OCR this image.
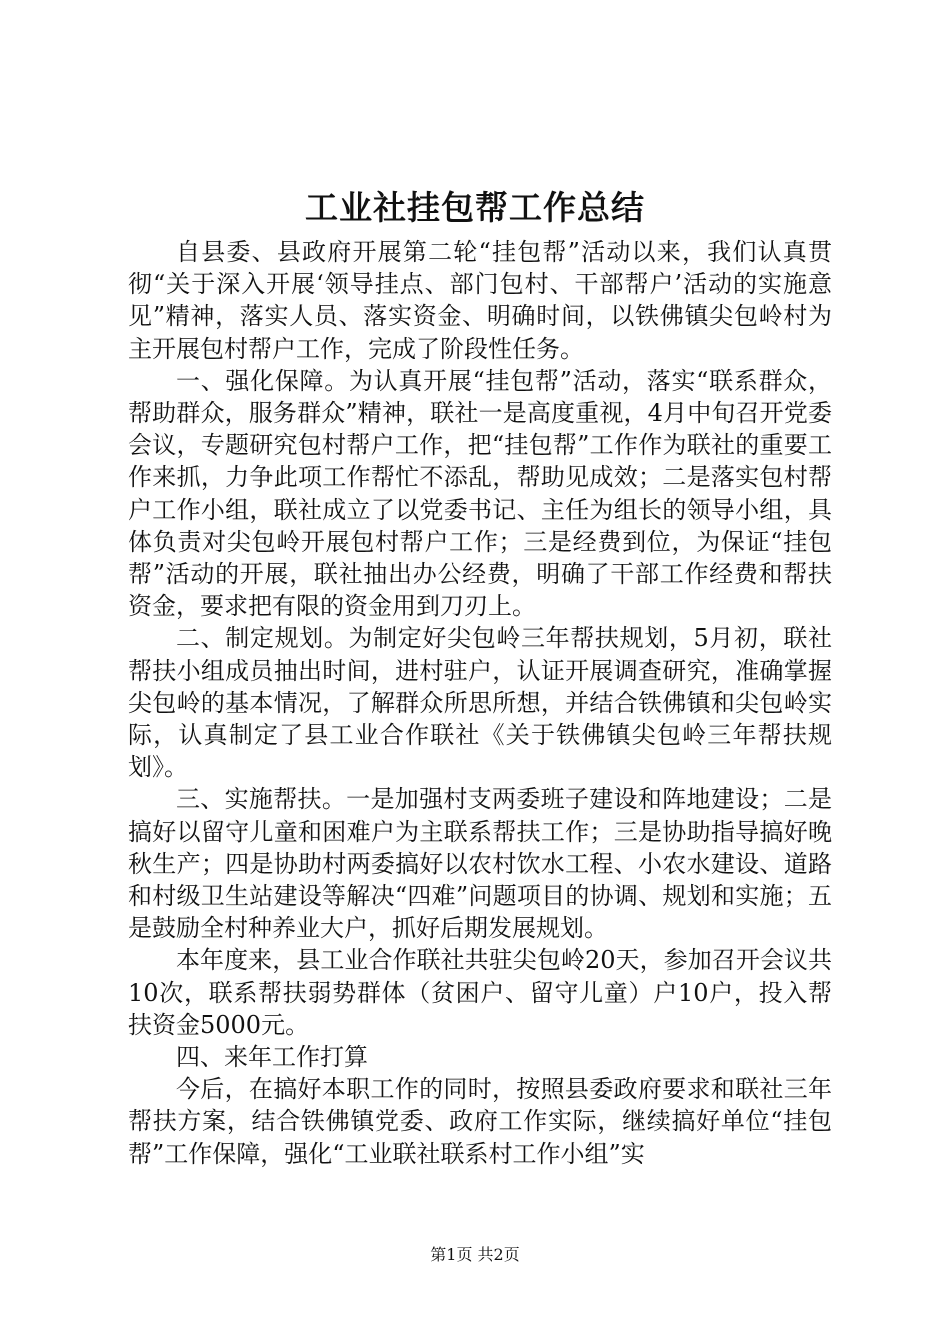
工业社挂包帮工作总结

自县委、县政府开展第二轮“挂包帮”活动以来，我们认真贯彻“关于深入开展‘领导挂点、部门包村、干部帮户’活动的实施意见”精神，落实人员、落实资金、明确时间，以铁佛镇尖包岭村为主开展包村帮户工作，完成了阶段性任务。

一、强化保障。为认真开展“挂包帮”活动，落实“联系群众，帮助群众，服务群众”精神，联社一是高度重视，4月中旬召开党委会议，专题研究包村帮户工作，把“挂包帮”工作作为联社的重要工作来抓，力争此项工作帮忙不添乱，帮助见成效；二是落实包村帮户工作小组，联社成立了以党委书记、主任为组长的领导小组，具体负责对尖包岭开展包村帮户工作；三是经费到位，为保证“挂包帮”活动的开展，联社抽出办公经费，明确了干部工作经费和帮扶资金，要求把有限的资金用到刀刃上。

二、制定规划。为制定好尖包岭三年帮扶规划，5月初，联社帮扶小组成员抽出时间，进村驻户，认证开展调查研究，准确掌握尖包岭的基本情况，了解群众所思所想，并结合铁佛镇和尖包岭实际，认真制定了县工业合作联社《关于铁佛镇尖包岭三年帮扶规划》。

三、实施帮扶。一是加强村支两委班子建设和阵地建设；二是搞好以留守儿童和困难户为主联系帮扶工作；三是协助指导搞好晚秋生产；四是协助村两委搞好以农村饮水工程、小农水建设、道路和村级卫生站建设等解决“四难”问题项目的协调、规划和实施；五是鼓励全村种养业大户，抓好后期发展规划。

本年度来，县工业合作联社共驻尖包岭20天，参加召开会议共10次，联系帮扶弱势群体（贫困户、留守儿童）户10户，投入帮扶资金5000元。

四、来年工作打算

今后，在搞好本职工作的同时，按照县委政府要求和联社三年帮扶方案，结合铁佛镇党委、政府工作实际，继续搞好单位“挂包帮”工作保障，强化“工业联社联系村工作小组”实

第1页 共2页
